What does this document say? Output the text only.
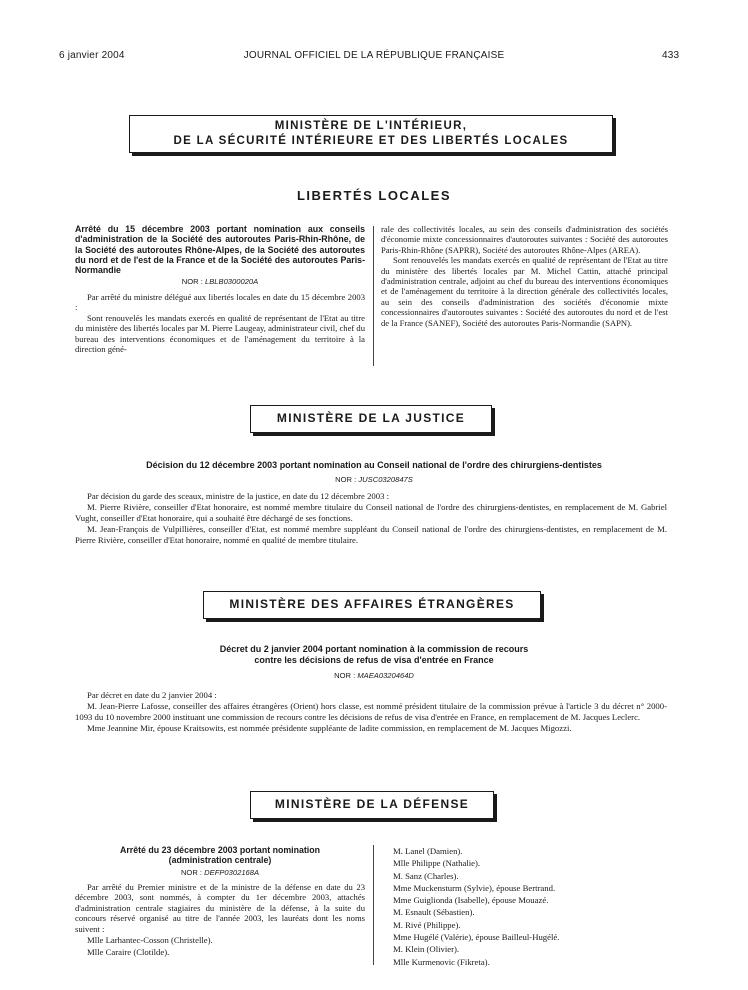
6 janvier 2004	JOURNAL OFFICIEL DE LA RÉPUBLIQUE FRANÇAISE	433
MINISTÈRE DE L'INTÉRIEUR,
DE LA SÉCURITÉ INTÉRIEURE ET DES LIBERTÉS LOCALES
LIBERTÉS LOCALES
Arrêté du 15 décembre 2003 portant nomination aux conseils d'administration de la Société des autoroutes Paris-Rhin-Rhône, de la Société des autoroutes Rhône-Alpes, de la Société des autoroutes du nord et de l'est de la France et de la Société des autoroutes Paris-Normandie
NOR : LBLB0300020A

Par arrêté du ministre délégué aux libertés locales en date du 15 décembre 2003 :

Sont renouvelés les mandats exercés en qualité de représentant de l'Etat au titre du ministère des libertés locales par M. Pierre Laugeay, administrateur civil, chef du bureau des interventions économiques et de l'aménagement du territoire à la direction géné-

rale des collectivités locales, au sein des conseils d'administration des sociétés d'économie mixte concessionnaires d'autoroutes suivantes : Société des autoroutes Paris-Rhin-Rhône (SAPRR), Société des autoroutes Rhône-Alpes (AREA).

Sont renouvelés les mandats exercés en qualité de représentant de l'Etat au titre du ministère des libertés locales par M. Michel Cattin, attaché principal d'administration centrale, adjoint au chef du bureau des interventions économiques et de l'aménagement du territoire à la direction générale des collectivités locales, au sein des conseils d'administration des sociétés d'économie mixte concessionnaires d'autoroutes suivantes : Société des autoroutes du nord et de l'est de la France (SANEF), Société des autoroutes Paris-Normandie (SAPN).

MINISTÈRE DE LA JUSTICE
Décision du 12 décembre 2003 portant nomination au Conseil national de l'ordre des chirurgiens-dentistes
NOR : JUSC0320847S

Par décision du garde des sceaux, ministre de la justice, en date du 12 décembre 2003 :

M. Pierre Rivière, conseiller d'Etat honoraire, est nommé membre titulaire du Conseil national de l'ordre des chirurgiens-dentistes, en remplacement de M. Gabriel Vught, conseiller d'Etat honoraire, qui a souhaité être déchargé de ses fonctions.

M. Jean-François de Vulpillières, conseiller d'Etat, est nommé membre suppléant du Conseil national de l'ordre des chirurgiens-dentistes, en remplacement de M. Pierre Rivière, conseiller d'Etat honoraire, nommé en qualité de membre titulaire.

MINISTÈRE DES AFFAIRES ÉTRANGÈRES
Décret du 2 janvier 2004 portant nomination à la commission de recours
contre les décisions de refus de visa d'entrée en France
NOR : MAEA0320464D

Par décret en date du 2 janvier 2004 :

M. Jean-Pierre Lafosse, conseiller des affaires étrangères (Orient) hors classe, est nommé président titulaire de la commission prévue à l'article 3 du décret n° 2000-1093 du 10 novembre 2000 instituant une commission de recours contre les décisions de refus de visa d'entrée en France, en remplacement de M. Jacques Leclerc.

Mme Jeannine Mir, épouse Kraitsowits, est nommée présidente suppléante de ladite commission, en remplacement de M. Jacques Migozzi.

MINISTÈRE DE LA DÉFENSE
Arrêté du 23 décembre 2003 portant nomination
(administration centrale)
NOR : DEFP0302168A

Par arrêté du Premier ministre et de la ministre de la défense en date du 23 décembre 2003, sont nommés, à compter du 1er décembre 2003, attachés d'administration centrale stagiaires du ministère de la défense, à la suite du concours réservé organisé au titre de l'année 2003, les lauréats dont les noms suivent :

Mlle Larhantec-Cosson (Christelle).
Mlle Caraire (Clotilde).
M. Lanel (Damien).
Mlle Philippe (Nathalie).
M. Sanz (Charles).
Mme Muckensturm (Sylvie), épouse Bertrand.
Mme Guiglionda (Isabelle), épouse Mouazé.
M. Esnault (Sébastien).
M. Rivé (Philippe).
Mme Hugélé (Valérie), épouse Bailleul-Hugélé.
M. Klein (Olivier).
Mlle Kurmenovic (Fikreta).
